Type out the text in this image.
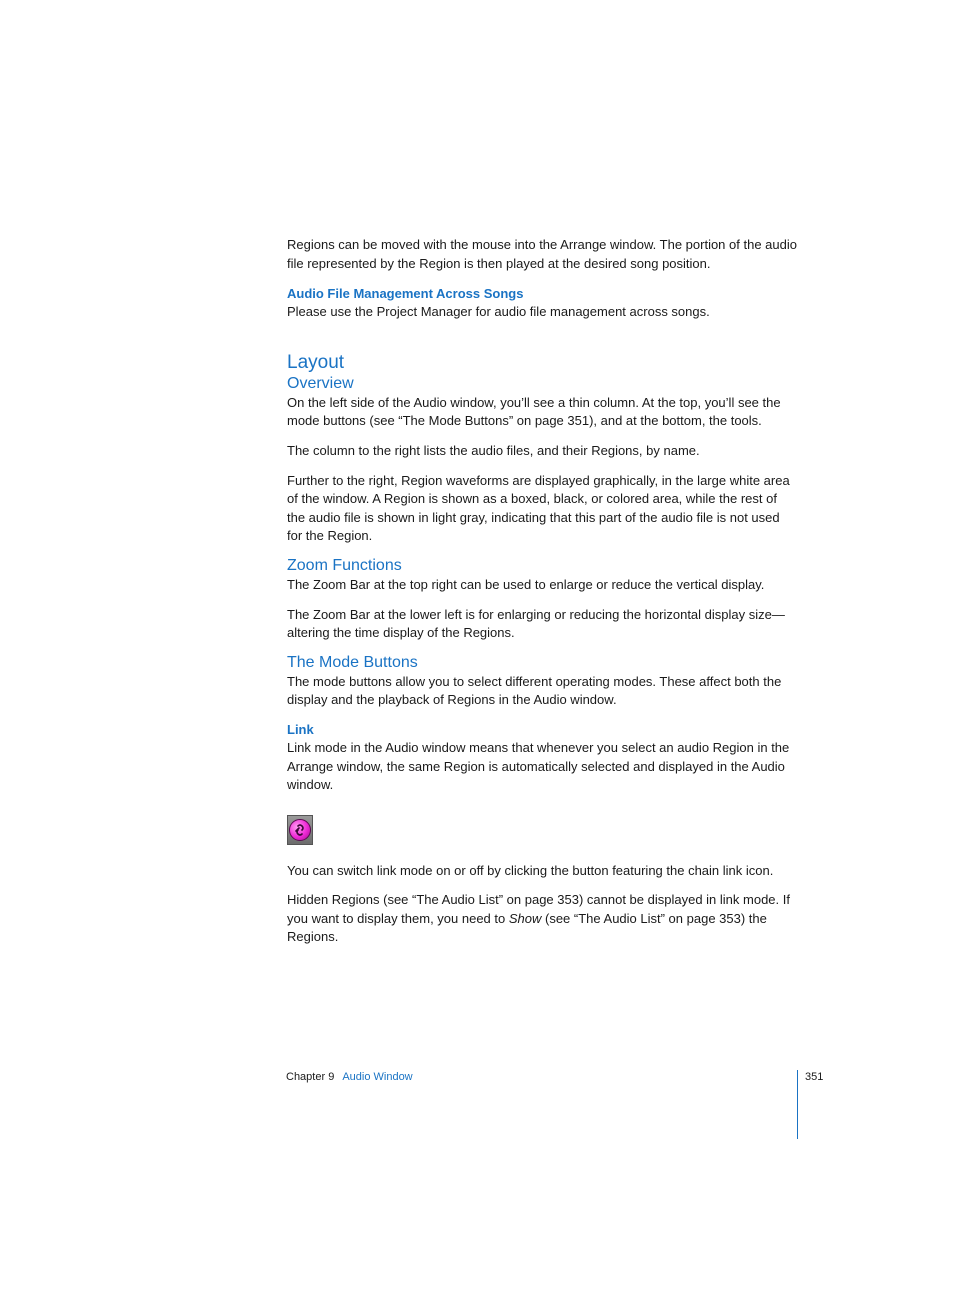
Regions can be moved with the mouse into the Arrange window. The portion of the audio file represented by the Region is then played at the desired song position.

Audio File Management Across Songs

Please use the Project Manager for audio file management across songs.

Layout
Overview

On the left side of the Audio window, you’ll see a thin column. At the top, you’ll see the mode buttons (see “The Mode Buttons” on page 351), and at the bottom, the tools.

The column to the right lists the audio files, and their Regions, by name.

Further to the right, Region waveforms are displayed graphically, in the large white area of the window. A Region is shown as a boxed, black, or colored area, while the rest of the audio file is shown in light gray, indicating that this part of the audio file is not used for the Region.

Zoom Functions

The Zoom Bar at the top right can be used to enlarge or reduce the vertical display.

The Zoom Bar at the lower left is for enlarging or reducing the horizontal display size—altering the time display of the Regions.

The Mode Buttons

The mode buttons allow you to select different operating modes. These affect both the display and the playback of Regions in the Audio window.

Link

Link mode in the Audio window means that whenever you select an audio Region in the Arrange window, the same Region is automatically selected and displayed in the Audio window.

You can switch link mode on or off by clicking the button featuring the chain link icon.

Hidden Regions (see “The Audio List” on page 353) cannot be displayed in link mode. If you want to display them, you need to Show (see “The Audio List” on page 353) the Regions.

Chapter 9 Audio Window	351
